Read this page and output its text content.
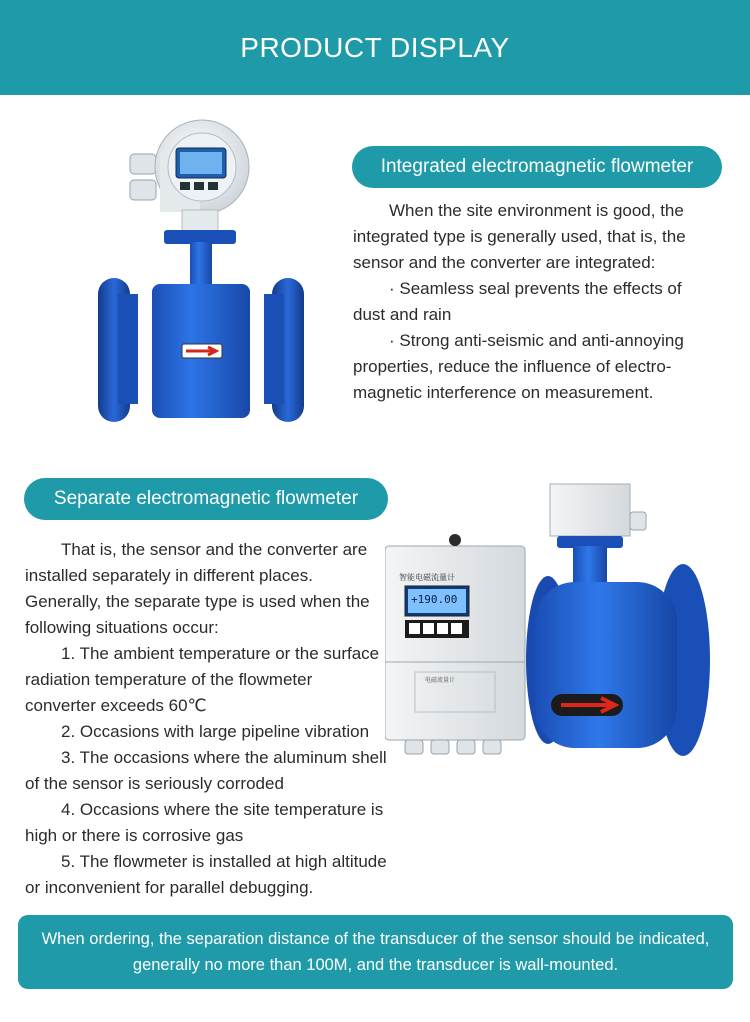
PRODUCT DISPLAY
Integrated electromagnetic flowmeter

When the site environment is good, the integrated type is generally used, that is, the sensor and the converter are integrated:

· Seamless seal prevents the effects of dust and rain

· Strong anti-seismic and anti-annoying properties, reduce the influence of electro-magnetic interference on measurement.

Separate electromagnetic flowmeter
智能电磁流量计
+190.00
电磁流量计

That is, the sensor and the converter are installed separately in different places. Generally, the separate type is used when the following situations occur:

1. The ambient temperature or the surface radiation temperature of the flowmeter converter exceeds 60℃

2. Occasions with large pipeline vibration

3. The occasions where the aluminum shell of the sensor is seriously corroded

4. Occasions where the site temperature is high or there is corrosive gas

5. The flowmeter is installed at high altitude or inconvenient for parallel debugging.

When ordering, the separation distance of the transducer of the sensor should be indicated, generally no more than 100M, and the transducer is wall-mounted.
